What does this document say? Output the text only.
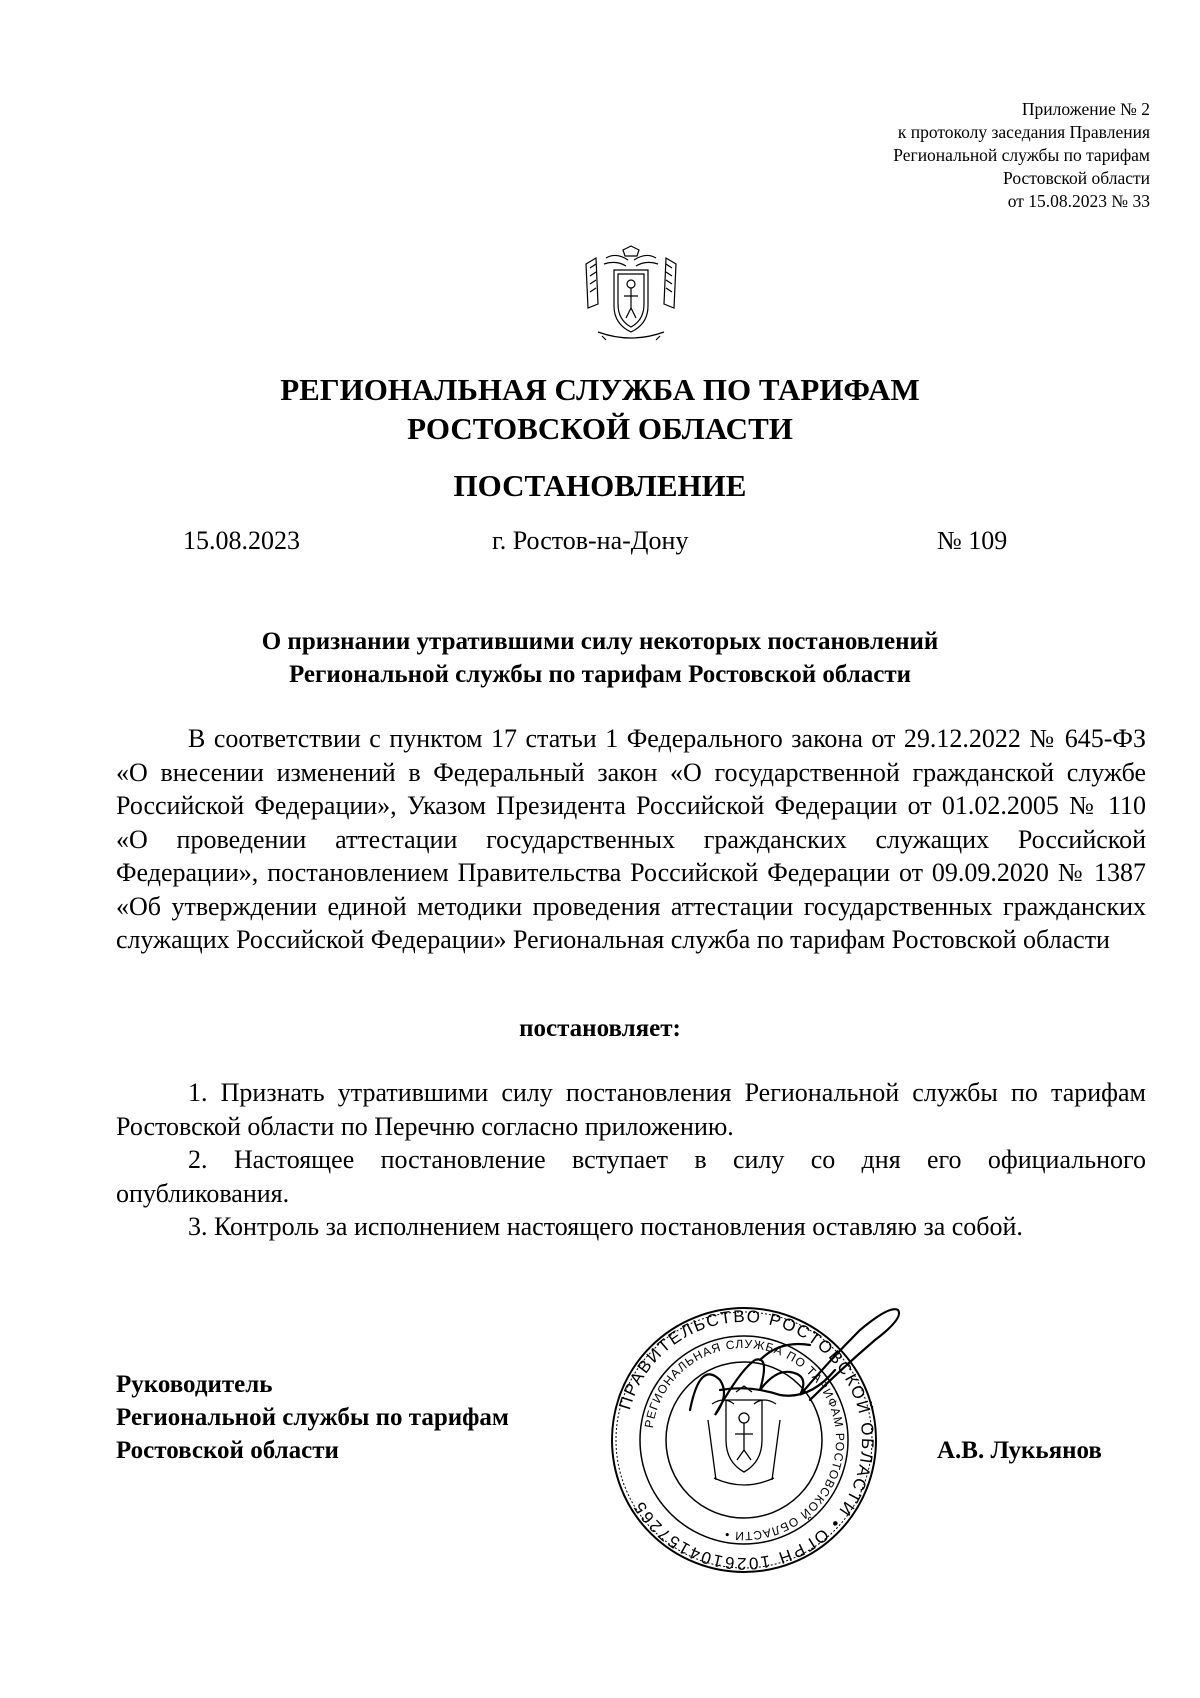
Приложение № 2
к протоколу заседания Правления
Региональной службы по тарифам
Ростовской области
от 15.08.2023 № 33
РЕГИОНАЛЬНАЯ СЛУЖБА ПО ТАРИФАМ
РОСТОВСКОЙ ОБЛАСТИ
ПОСТАНОВЛЕНИЕ
15.08.2023	г. Ростов-на-Дону	№ 109
О признании утратившими силу некоторых постановлений
Региональной службы по тарифам Ростовской области

В соответствии с пунктом 17 статьи 1 Федерального закона от 29.12.2022 № 645-ФЗ «О внесении изменений в Федеральный закон «О государственной гражданской службе Российской Федерации», Указом Президента Российской Федерации от 01.02.2005 № 110 «О проведении аттестации государственных гражданских служащих Российской Федерации», постановлением Правительства Российской Федерации от 09.09.2020 № 1387 «Об утверждении единой методики проведения аттестации государственных гражданских служащих Российской Федерации» Региональная служба по тарифам Ростовской области

постановляет:

1. Признать утратившими силу постановления Региональной службы по тарифам Ростовской области по Перечню согласно приложению.

2. Настоящее постановление вступает в силу со дня его официального опубликования.

3. Контроль за исполнением настоящего постановления оставляю за собой.

Руководитель
Региональной службы по тарифам
Ростовской области
ПРАВИТЕЛЬСТВО РОСТОВСКОЙ ОБЛАСТИ • ОГРН 1026104157265
РЕГИОНАЛЬНАЯ СЛУЖБА ПО ТАРИФАМ РОСТОВСКОЙ ОБЛАСТИ •
А.В. Лукьянов
